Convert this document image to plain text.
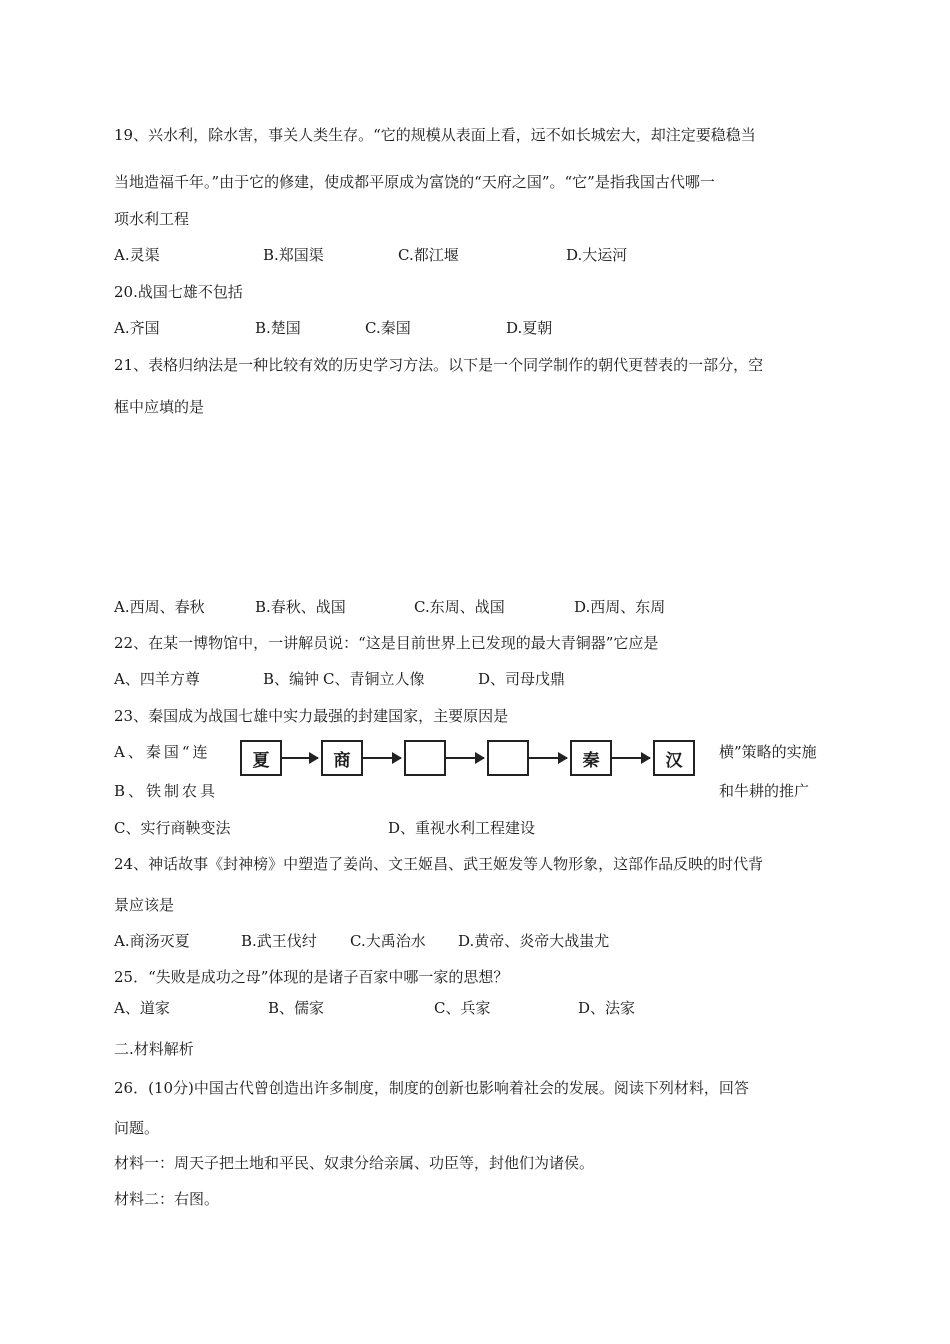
19、兴水利，除水害，事关人类生存。“它的规模从表面上看，远不如长城宏大，却注定要稳稳当
当地造福千年。”由于它的修建，使成都平原成为富饶的“天府之国”。“它”是指我国古代哪一
项水利工程
A.灵渠	B.郑国渠	C.都江堰	D.大运河
20.战国七雄不包括
A.齐国	B.楚国	C.秦国	D.夏朝
21、表格归纳法是一种比较有效的历史学习方法。以下是一个同学制作的朝代更替表的一部分，空
框中应填的是
A.西周、春秋	B.春秋、战国	C.东周、战国	D.西周、东周
22、在某一博物馆中，一讲解员说：“这是目前世界上已发现的最大青铜器”它应是
A、四羊方尊	B、编钟 C、青铜立人像	D、司母戊鼎
23、秦国成为战国七雄中实力最强的封建国家，主要原因是
A、秦国“连	横”策略的实施
B、铁制农具	和牛耕的推广
C、实行商鞅变法	D、重视水利工程建设
夏	商	秦	汉
24、神话故事《封神榜》中塑造了姜尚、文王姬昌、武王姬发等人物形象，这部作品反映的时代背
景应该是
A.商汤灭夏	B.武王伐纣 C.大禹治水 D.黄帝、炎帝大战蚩尤
25．“失败是成功之母”体现的是诸子百家中哪一家的思想？
A、道家	B、儒家	C、兵家	D、法家
二.材料解析
26．(10分)中国古代曾创造出许多制度，制度的创新也影响着社会的发展。阅读下列材料，回答
问题。
材料一：周天子把土地和平民、奴隶分给亲属、功臣等，封他们为诸侯。
材料二：右图。
